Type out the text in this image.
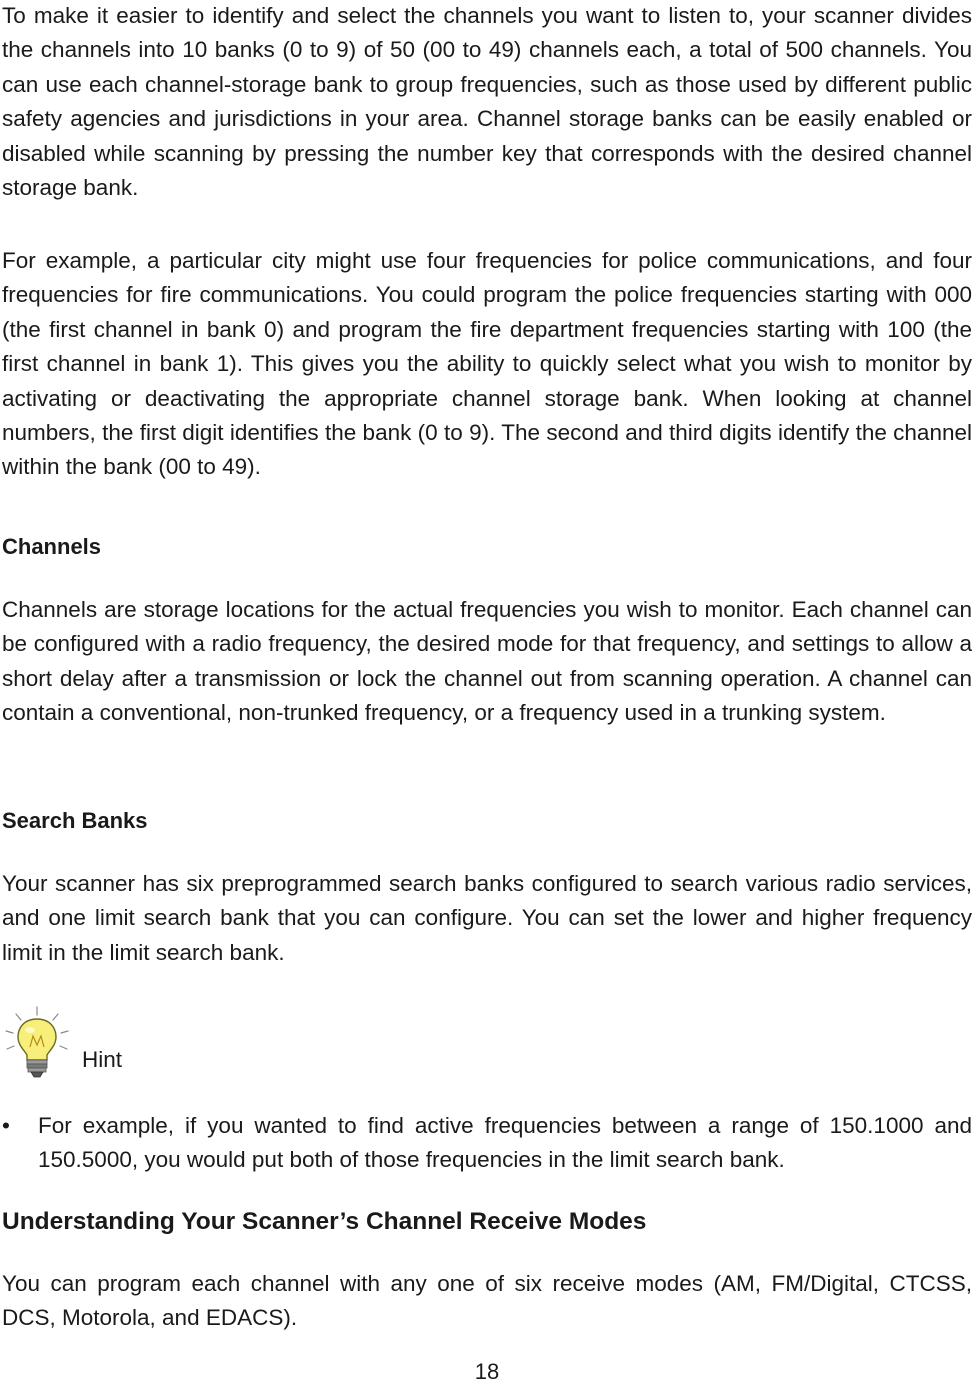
To make it easier to identify and select the channels you want to listen to, your scanner divides the channels into 10 banks (0 to 9) of 50 (00 to 49) channels each, a total of 500 channels. You can use each channel-storage bank to group frequencies, such as those used by different public safety agencies and jurisdictions in your area. Channel storage banks can be easily enabled or disabled while scanning by pressing the number key that corresponds with the desired channel storage bank.

For example, a particular city might use four frequencies for police communications, and four frequencies for fire communications. You could program the police frequencies starting with 000 (the first channel in bank 0) and program the fire department frequencies starting with 100 (the first channel in bank 1). This gives you the ability to quickly select what you wish to monitor by activating or deactivating the appropriate channel storage bank. When looking at channel numbers, the first digit identifies the bank (0 to 9). The second and third digits identify the channel within the bank (00 to 49).

Channels

Channels are storage locations for the actual frequencies you wish to monitor. Each channel can be configured with a radio frequency, the desired mode for that frequency, and settings to allow a short delay after a transmission or lock the channel out from scanning operation. A channel can contain a conventional, non-trunked frequency, or a frequency used in a trunking system.

Search Banks

Your scanner has six preprogrammed search banks configured to search various radio services, and one limit search bank that you can configure. You can set the lower and higher frequency limit in the limit search bank.

Hint
•	For example, if you wanted to find active frequencies between a range of 150.1000 and 150.5000, you would put both of those frequencies in the limit search bank.

Understanding Your Scanner’s Channel Receive Modes

You can program each channel with any one of six receive modes (AM, FM/Digital, CTCSS, DCS, Motorola, and EDACS).

18
